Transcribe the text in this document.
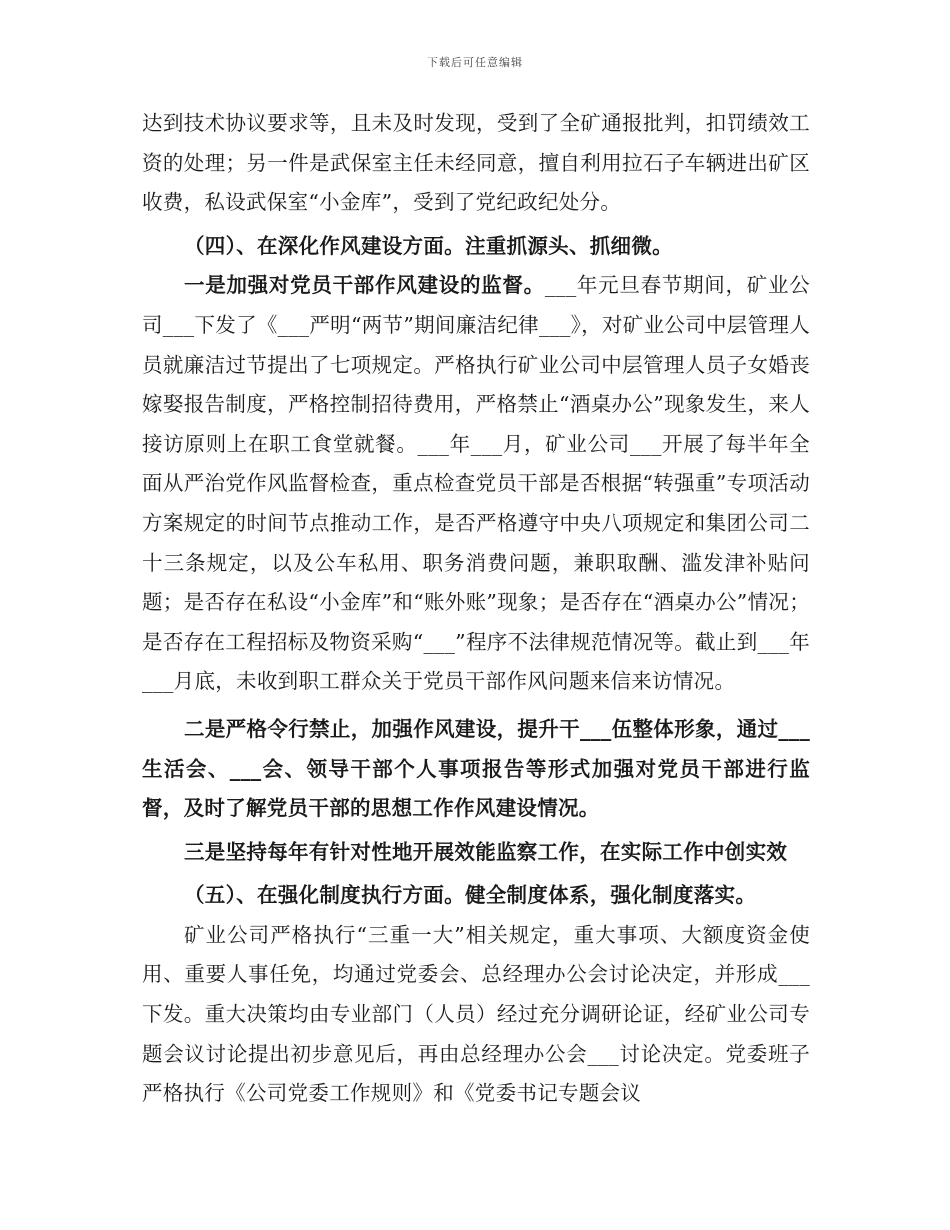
下载后可任意编辑

达到技术协议要求等，且未及时发现，受到了全矿通报批判，扣罚绩效工资的处理；另一件是武保室主任未经同意，擅自利用拉石子车辆进出矿区收费，私设武保室“小金库”，受到了党纪政纪处分。

（四）、在深化作风建设方面。注重抓源头、抓细微。

一是加强对党员干部作风建设的监督。___年元旦春节期间，矿业公司___下发了《___严明“两节”期间廉洁纪律___》，对矿业公司中层管理人员就廉洁过节提出了七项规定。严格执行矿业公司中层管理人员子女婚丧嫁娶报告制度，严格控制招待费用，严格禁止“酒桌办公”现象发生，来人接访原则上在职工食堂就餐。___年___月，矿业公司___开展了每半年全面从严治党作风监督检查，重点检查党员干部是否根据“转强重”专项活动方案规定的时间节点推动工作，是否严格遵守中央八项规定和集团公司二十三条规定，以及公车私用、职务消费问题，兼职取酬、滥发津补贴问题；是否存在私设“小金库”和“账外账”现象；是否存在“酒桌办公”情况；是否存在工程招标及物资采购“___”程序不法律规范情况等。截止到___年___月底，未收到职工群众关于党员干部作风问题来信来访情况。

二是严格令行禁止，加强作风建设，提升干___伍整体形象，通过___生活会、___会、领导干部个人事项报告等形式加强对党员干部进行监督，及时了解党员干部的思想工作作风建设情况。

三是坚持每年有针对性地开展效能监察工作，在实际工作中创实效

（五）、在强化制度执行方面。健全制度体系，强化制度落实。

矿业公司严格执行“三重一大”相关规定，重大事项、大额度资金使用、重要人事任免，均通过党委会、总经理办公会讨论决定，并形成___下发。重大决策均由专业部门（人员）经过充分调研论证，经矿业公司专题会议讨论提出初步意见后，再由总经理办公会___讨论决定。党委班子严格执行《公司党委工作规则》和《党委书记专题会议
